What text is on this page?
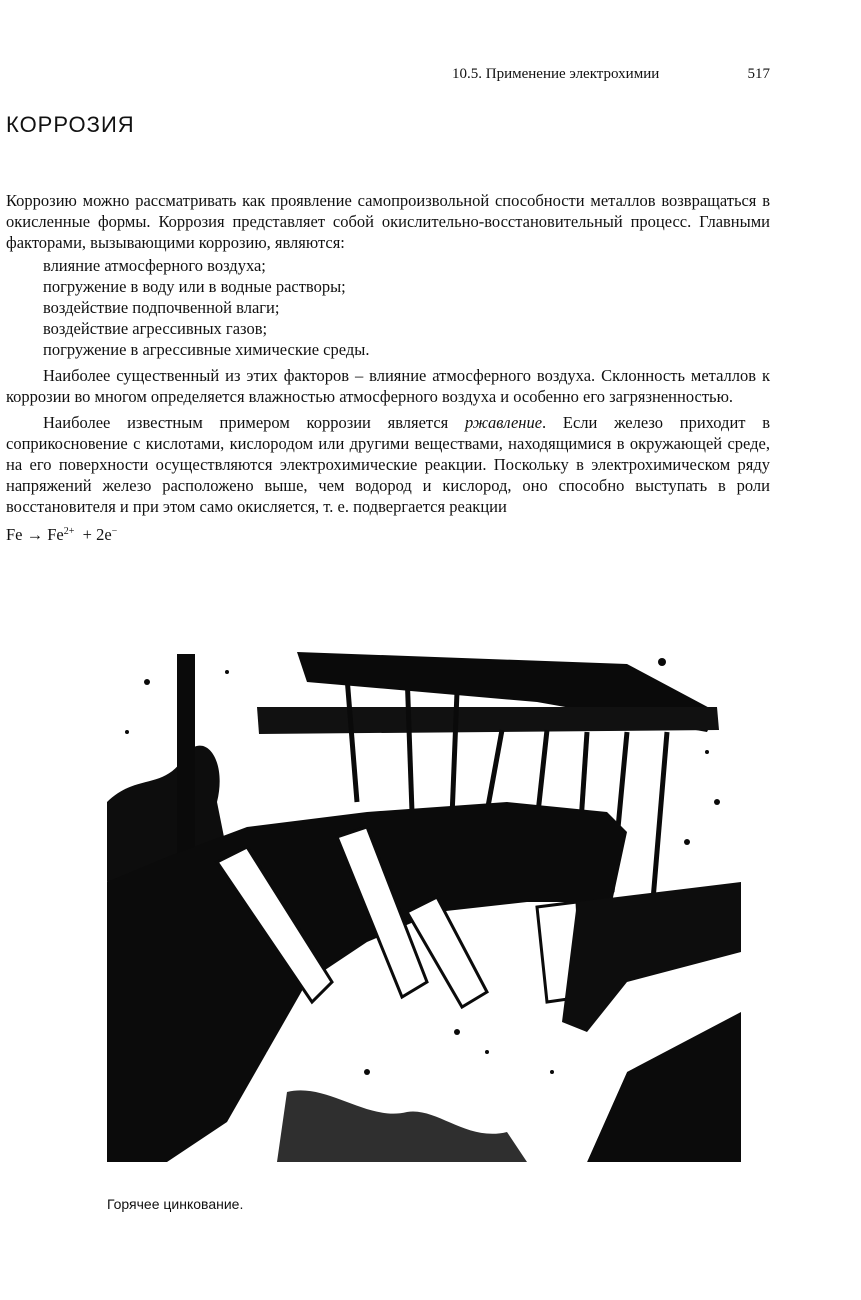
10.5. Применение электрохимии	517
КОРРОЗИЯ

Коррозию можно рассматривать как проявление самопроизвольной способности металлов возвращаться в окисленные формы. Коррозия представляет собой окислительно-восстановительный процесс. Главными факторами, вызывающими коррозию, являются:

влияние атмосферного воздуха;
погружение в воду или в водные растворы;
воздействие подпочвенной влаги;
воздействие агрессивных газов;
погружение в агрессивные химические среды.

Наиболее существенный из этих факторов – влияние атмосферного воздуха. Склонность металлов к коррозии во многом определяется влажностью атмосферного воздуха и особенно его загрязненностью.

Наиболее известным примером коррозии является ржавление. Если железо приходит в соприкосновение с кислотами, кислородом или другими веществами, находящимися в окружающей среде, на его поверхности осуществляются электрохимические реакции. Поскольку в электрохимическом ряду напряжений железо расположено выше, чем водород и кислород, оно способно выступать в роли восстановителя и при этом само окисляется, т. е. подвергается реакции

$Fe \to Fe^{2+} + 2e^-$
Горячее цинкование.
